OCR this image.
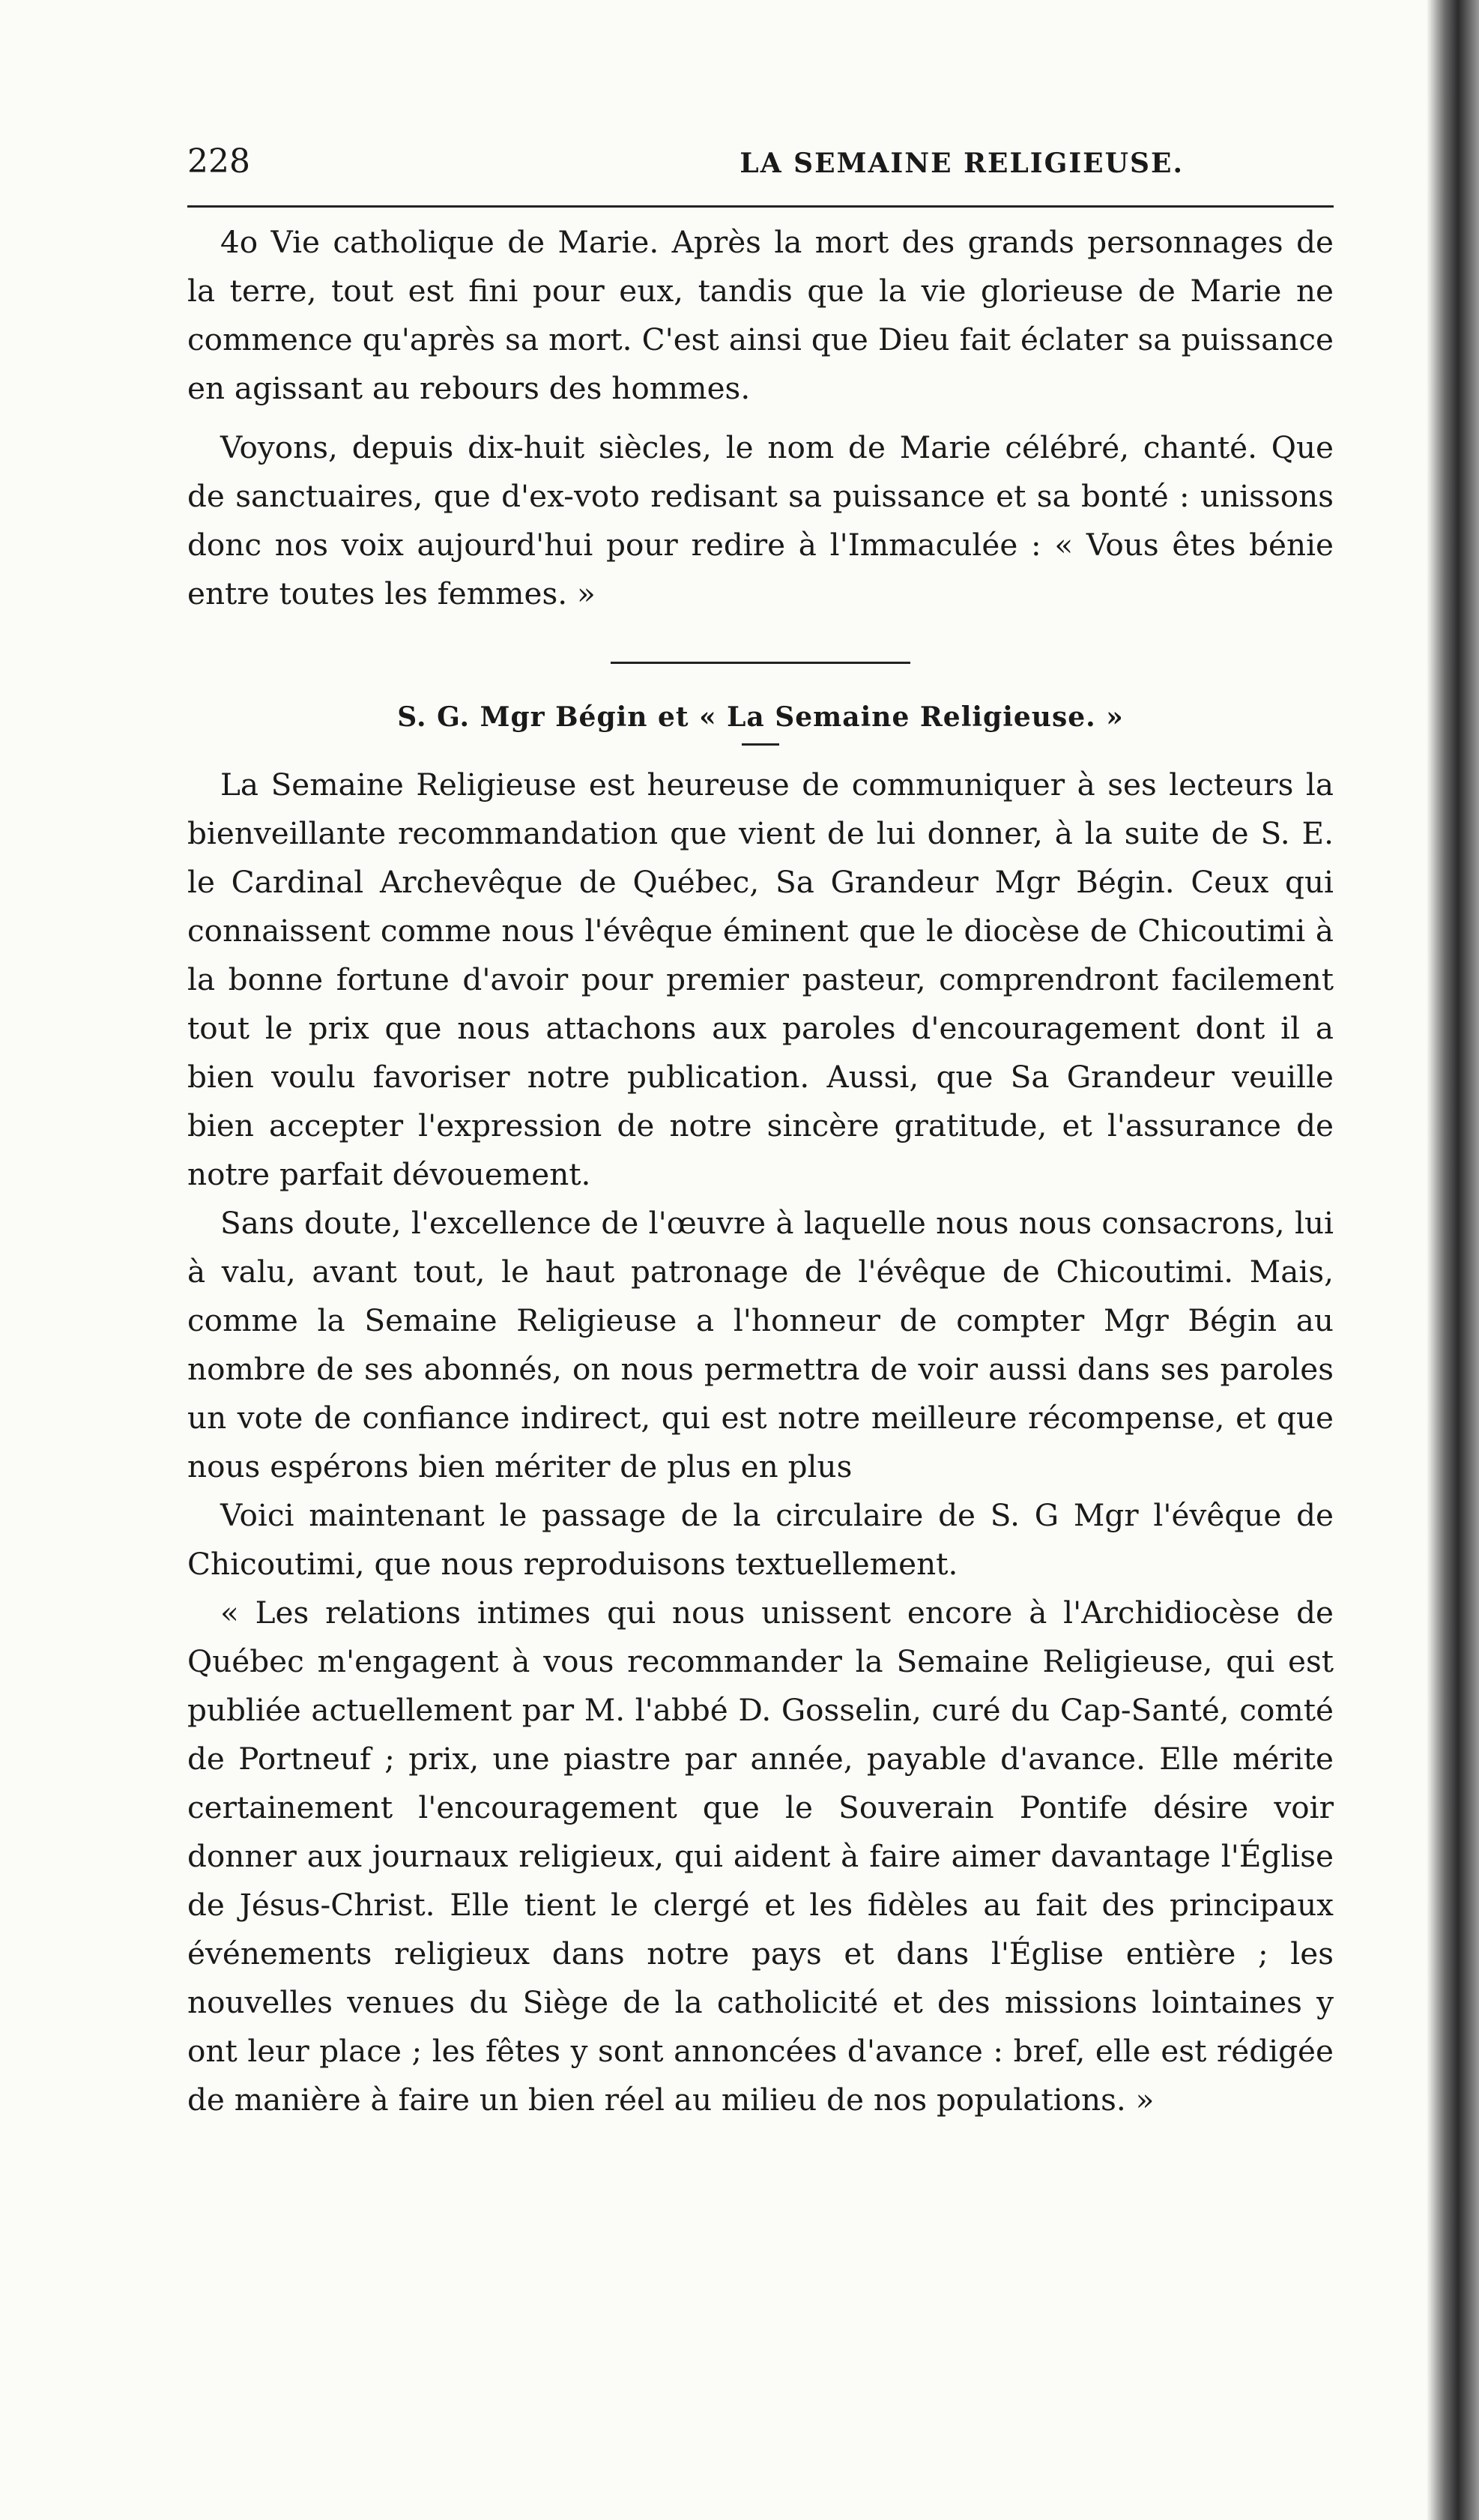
228	LA SEMAINE RELIGIEUSE.

4o Vie catholique de Marie. Après la mort des grands personnages de la terre, tout est fini pour eux, tandis que la vie glorieuse de Marie ne commence qu'après sa mort. C'est ainsi que Dieu fait éclater sa puissance en agissant au rebours des hommes.

Voyons, depuis dix-huit siècles, le nom de Marie célébré, chanté. Que de sanctuaires, que d'ex-voto redisant sa puissance et sa bonté : unissons donc nos voix aujourd'hui pour redire à l'Immaculée : « Vous êtes bénie entre toutes les femmes. »

S. G. Mgr Bégin et « La Semaine Religieuse. »

La Semaine Religieuse est heureuse de communiquer à ses lecteurs la bienveillante recommandation que vient de lui donner, à la suite de S. E. le Cardinal Archevêque de Québec, Sa Grandeur Mgr Bégin. Ceux qui connaissent comme nous l'évêque éminent que le diocèse de Chicoutimi à la bonne fortune d'avoir pour premier pasteur, comprendront facilement tout le prix que nous attachons aux paroles d'encouragement dont il a bien voulu favoriser notre publication. Aussi, que Sa Grandeur veuille bien accepter l'expression de notre sincère gratitude, et l'assurance de notre parfait dévouement.

Sans doute, l'excellence de l'œuvre à laquelle nous nous consacrons, lui à valu, avant tout, le haut patronage de l'évêque de Chicoutimi. Mais, comme la Semaine Religieuse a l'honneur de compter Mgr Bégin au nombre de ses abonnés, on nous permettra de voir aussi dans ses paroles un vote de confiance indirect, qui est notre meilleure récompense, et que nous espérons bien mériter de plus en plus

Voici maintenant le passage de la circulaire de S. G Mgr l'évêque de Chicoutimi, que nous reproduisons textuellement.

« Les relations intimes qui nous unissent encore à l'Archidiocèse de Québec m'engagent à vous recommander la Semaine Religieuse, qui est publiée actuellement par M. l'abbé D. Gosselin, curé du Cap-Santé, comté de Portneuf ; prix, une piastre par année, payable d'avance. Elle mérite certainement l'encouragement que le Souverain Pontife désire voir donner aux journaux religieux, qui aident à faire aimer davantage l'Église de Jésus-Christ. Elle tient le clergé et les fidèles au fait des principaux événements religieux dans notre pays et dans l'Église entière ; les nouvelles venues du Siège de la catholicité et des missions lointaines y ont leur place ; les fêtes y sont annoncées d'avance : bref, elle est rédigée de manière à faire un bien réel au milieu de nos populations. »
